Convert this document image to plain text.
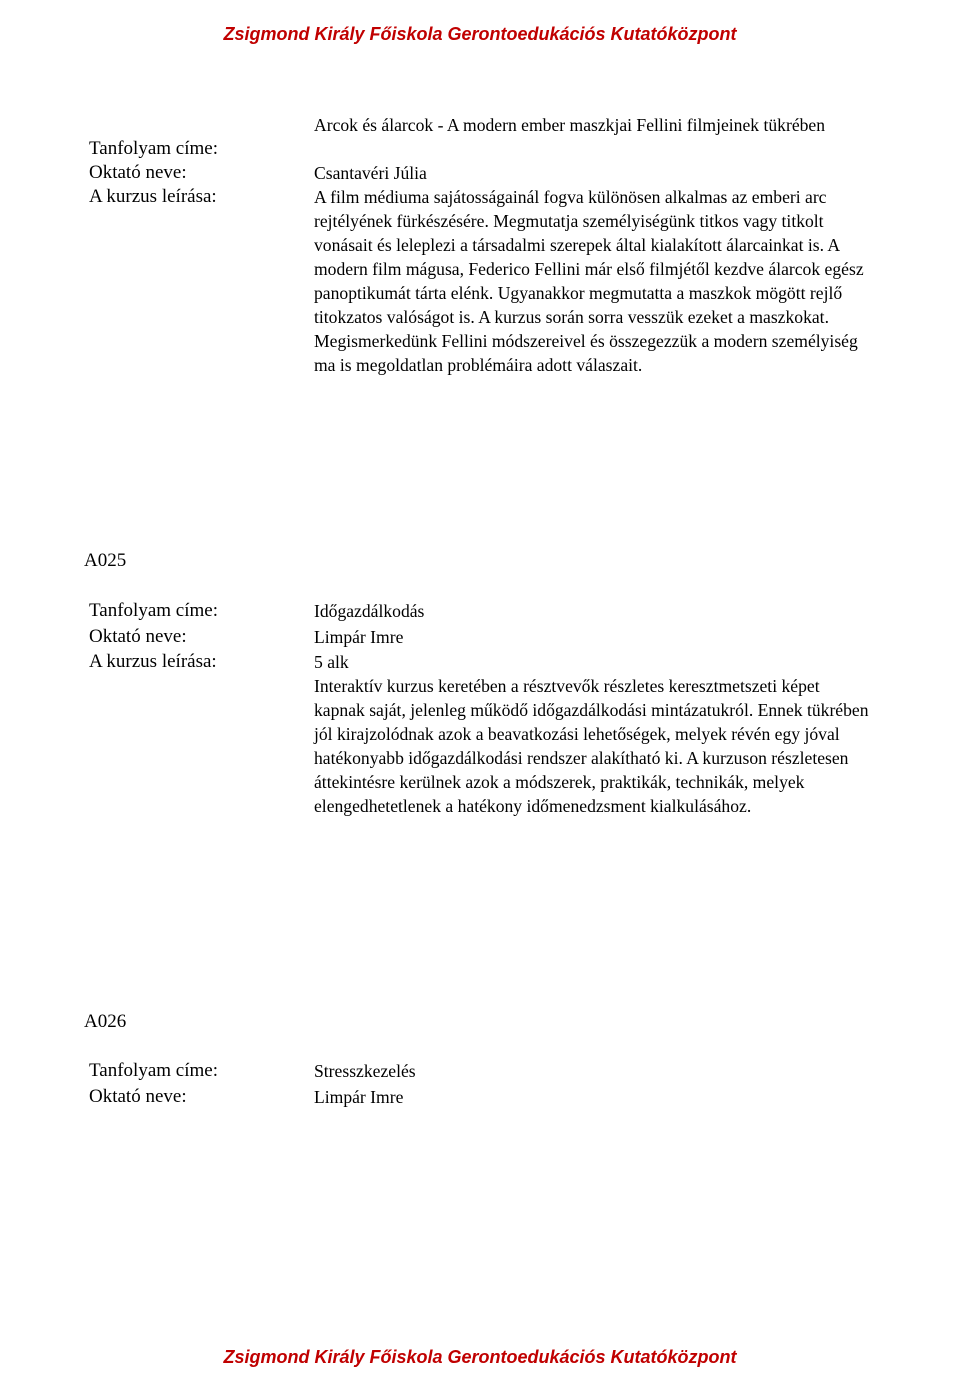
Zsigmond Király Főiskola Gerontoedukációs Kutatóközpont
Tanfolyam címe:
Oktató neve:
A kurzus leírása:
Arcok és álarcok - A modern ember maszkjai Fellini filmjeinek tükrében
Csantavéri Júlia
A film médiuma sajátosságainál fogva különösen alkalmas az emberi arc rejtélyének fürkészésére. Megmutatja személyiségünk titkos vagy titkolt vonásait és leleplezi a társadalmi szerepek által kialakított álarcainkat is. A modern film mágusa, Federico Fellini már első filmjétől kezdve álarcok egész panoptikumát tárta elénk. Ugyanakkor megmutatta a maszkok mögött rejlő titokzatos valóságot is. A kurzus során sorra vesszük ezeket a maszkokat. Megismerkedünk Fellini módszereivel és összegezzük a modern személyiség ma is megoldatlan problémáira adott válaszait.
A025
Tanfolyam címe:
Oktató neve:
A kurzus leírása:
Időgazdálkodás
Limpár Imre
5 alk
Interaktív kurzus keretében a résztvevők részletes keresztmetszeti képet kapnak saját, jelenleg működő időgazdálkodási mintázatukról. Ennek tükrében jól kirajzolódnak azok a beavatkozási lehetőségek, melyek révén egy jóval hatékonyabb időgazdálkodási rendszer alakítható ki. A kurzuson részletesen áttekintésre kerülnek azok a módszerek, praktikák, technikák, melyek elengedhetetlenek a hatékony időmenedzsment kialkulásához.
A026
Tanfolyam címe:
Oktató neve:
Stresszkezelés
Limpár Imre
Zsigmond Király Főiskola Gerontoedukációs Kutatóközpont
